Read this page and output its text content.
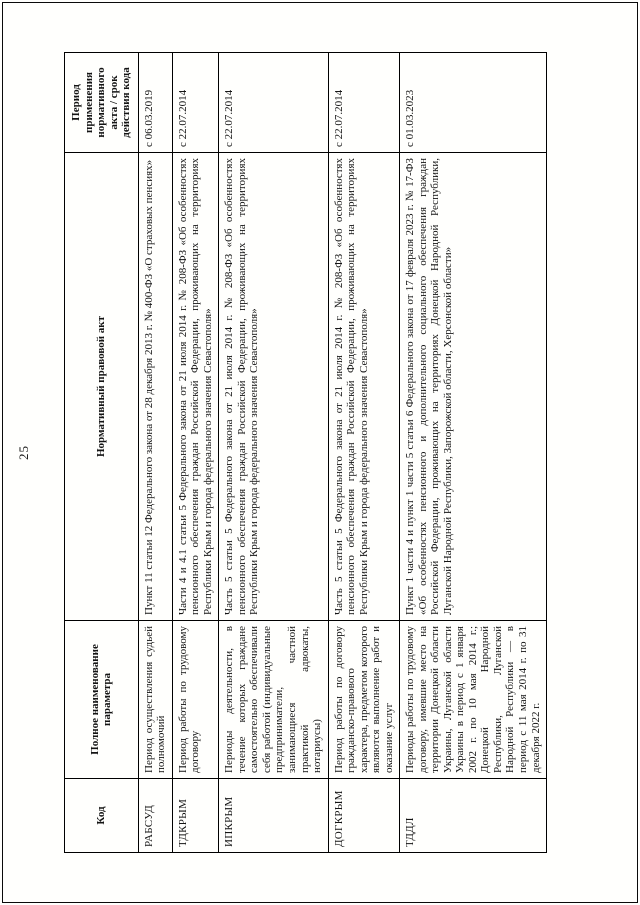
25
Код	Полное наименование параметра	Нормативный правовой акт	Период применения нормативного акта / срок действия кода
РАБСУД	Период осуществления судьей полномочий	Пункт 11 статьи 12 Федерального закона от 28 декабря 2013 г. № 400-ФЗ «О страховых пенсиях»	с 06.03.2019
ТДКРЫМ	Период работы по трудовому договору	Части 4 и 4.1 статьи 5 Федерального закона от 21 июля 2014 г. № 208-ФЗ «Об особенностях пенсионного обеспечения граждан Российской Федерации, проживающих на территориях Республики Крым и города федерального значения Севастополя»	с 22.07.2014
ИПКРЫМ	Периоды деятельности, в течение которых граждане самостоятельно обеспечивали себя работой (индивидуальные предприниматели, занимающиеся частной практикой адвокаты, нотариусы)	Часть 5 статьи 5 Федерального закона от 21 июля 2014 г. № 208-ФЗ «Об особенностях пенсионного обеспечения граждан Российской Федерации, проживающих на территориях Республики Крым и города федерального значения Севастополя»	с 22.07.2014
ДОГКРЫМ	Период работы по договору гражданско-правового характера, предметом которого являются выполнение работ и оказание услуг	Часть 5 статьи 5 Федерального закона от 21 июля 2014 г. № 208-ФЗ «Об особенностях пенсионного обеспечения граждан Российской Федерации, проживающих на территориях Республики Крым и города федерального значения Севастополя»	с 22.07.2014
ТДДЛ	Периоды работы по трудовому договору, имевшие место на территории Донецкой области Украины, Луганской области Украины в период с 1 января 2002 г. по 10 мая 2014 г.; Донецкой Народной Республики, Луганской Народной Республики — в период с 11 мая 2014 г. по 31 декабря 2022 г.	Пункт 1 части 4 и пункт 1 части 5 статьи 6 Федерального закона от 17 февраля 2023 г. № 17-ФЗ «Об особенностях пенсионного и дополнительного социального обеспечения граждан Российской Федерации, проживающих на территориях Донецкой Народной Республики, Луганской Народной Республики, Запорожской области, Херсонской области»	с 01.03.2023
